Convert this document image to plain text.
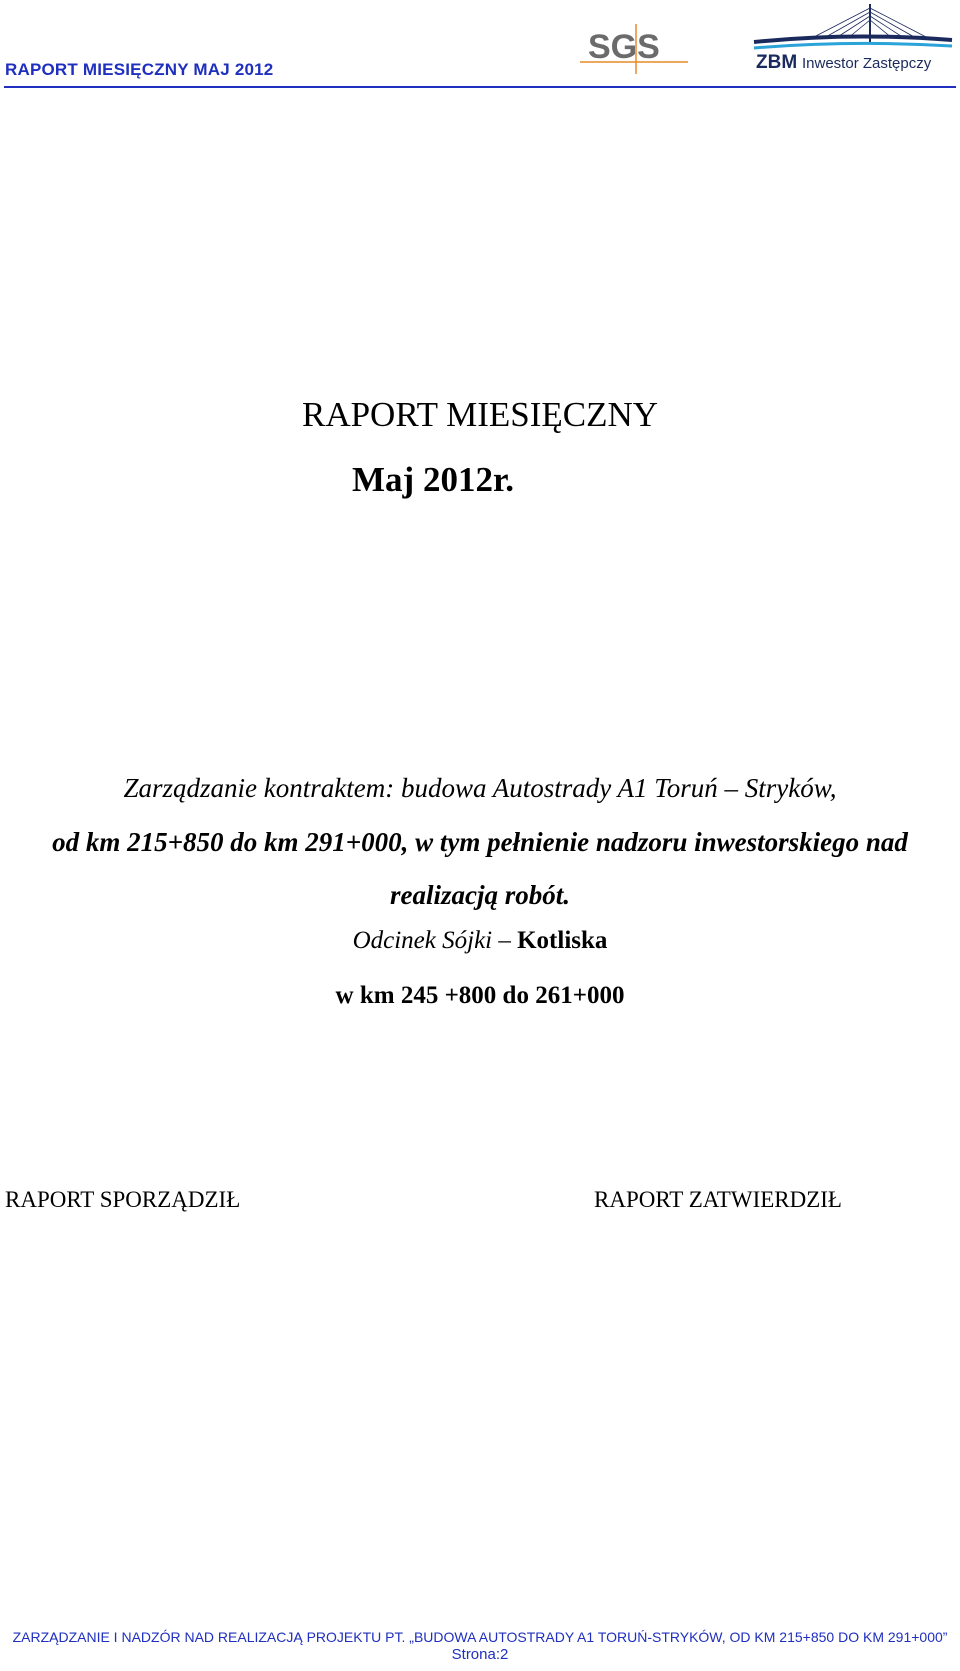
RAPORT MIESIĘCZNY MAJ 2012
SGS	ZBM Inwestor Zastępczy
RAPORT MIESIĘCZNY
Maj 2012r.
Zarządzanie kontraktem: budowa Autostrady A1 Toruń – Stryków,
od km 215+850 do km 291+000, w tym pełnienie nadzoru inwestorskiego nad
realizacją robót.
Odcinek Sójki – Kotliska
w km 245 +800 do 261+000
RAPORT SPORZĄDZIŁ	RAPORT ZATWIERDZIŁ
ZARZĄDZANIE I NADZÓR NAD REALIZACJĄ PROJEKTU PT. „BUDOWA AUTOSTRADY A1 TORUŃ-STRYKÓW, OD KM 215+850 DO KM 291+000”
Strona:2
